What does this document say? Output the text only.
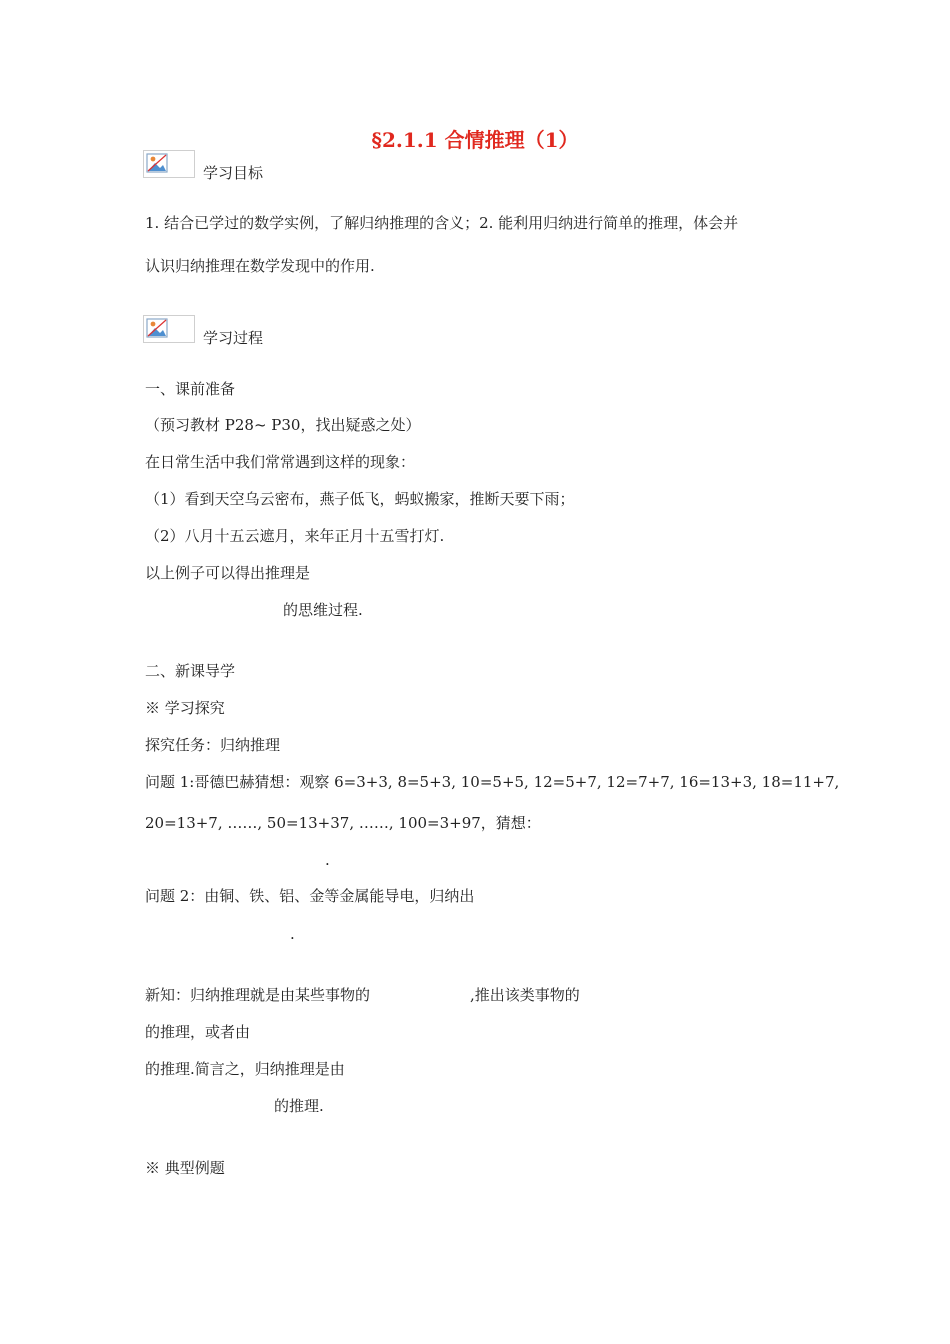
§2.1.1 合情推理（1）
学习目标
1. 结合已学过的数学实例，了解归纳推理的含义；2. 能利用归纳进行简单的推理，体会并
认识归纳推理在数学发现中的作用.
学习过程
一、课前准备
（预习教材 P28~ P30，找出疑惑之处）
在日常生活中我们常常遇到这样的现象：
（1）看到天空乌云密布，燕子低飞，蚂蚁搬家，推断天要下雨；
（2）八月十五云遮月，来年正月十五雪打灯.
以上例子可以得出推理是
的思维过程.
二、新课导学
※ 学习探究
探究任务：归纳推理
问题 1:哥德巴赫猜想：观察 6=3+3, 8=5+3, 10=5+5, 12=5+7, 12=7+7, 16=13+3, 18=11+7,
20=13+7, ……, 50=13+37, ……, 100=3+97，猜想：
.
问题 2：由铜、铁、铝、金等金属能导电，归纳出
.
新知：归纳推理就是由某些事物的	,推出该类事物的
的推理，或者由
的推理.简言之，归纳推理是由
的推理.
※ 典型例题
